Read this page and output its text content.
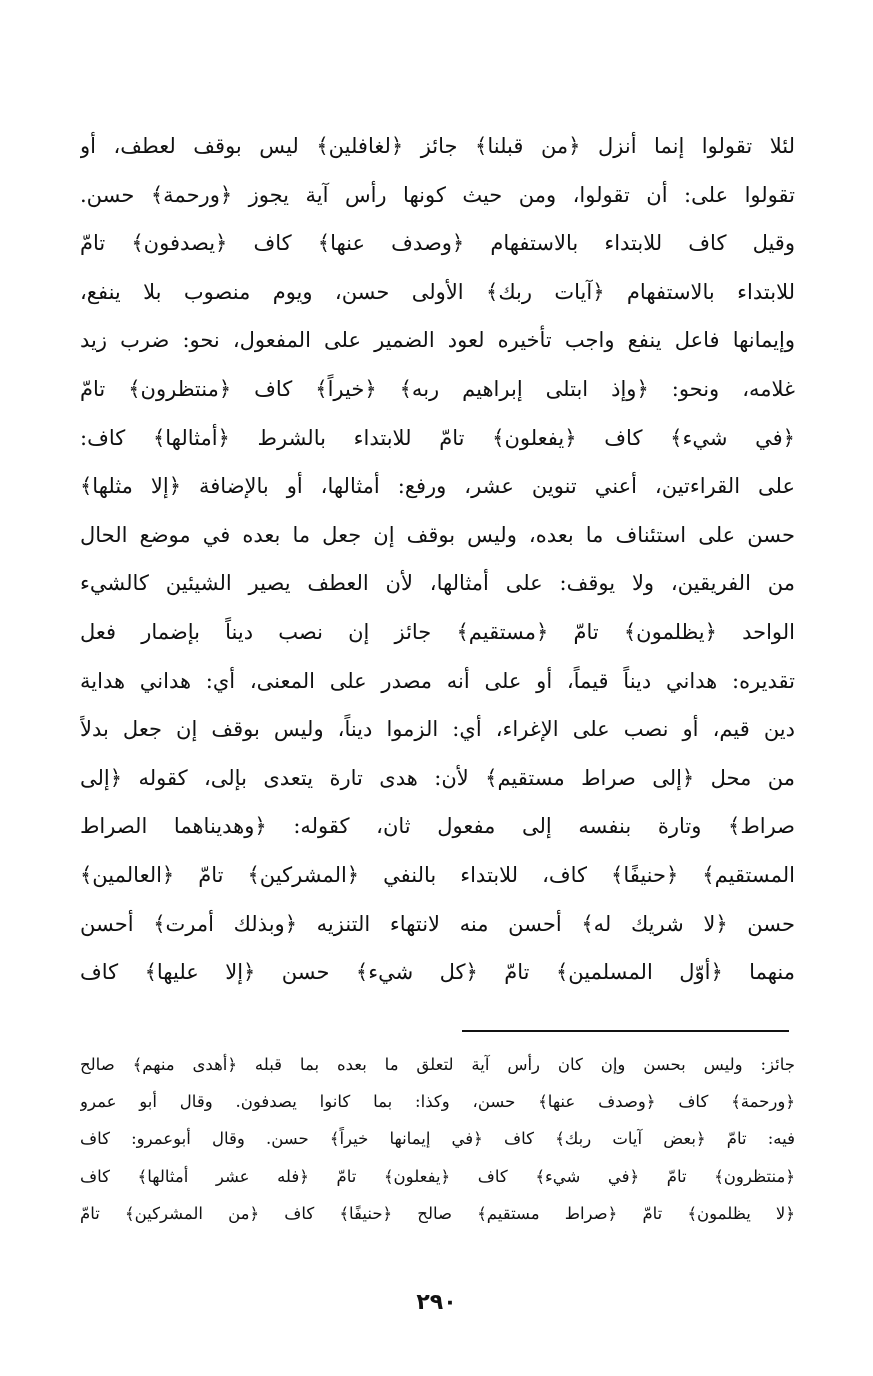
لئلا تقولوا إنما أنزل ﴿من قبلنا﴾ جائز ﴿لغافلين﴾ ليس بوقف لعطف، أو
تقولوا على: أن تقولوا، ومن حيث كونها رأس آية يجوز ﴿ورحمة﴾ حسن.
وقيل كاف للابتداء بالاستفهام ﴿وصدف عنها﴾ كاف ﴿يصدفون﴾ تامّ
للابتداء بالاستفهام ﴿آيات ربك﴾ الأولى حسن، ويوم منصوب بلا ينفع،
وإيمانها فاعل ينفع واجب تأخيره لعود الضمير على المفعول، نحو: ضرب زيد
غلامه، ونحو: ﴿وإذ ابتلى إبراهيم ربه﴾ ﴿خيراً﴾ كاف ﴿منتظرون﴾ تامّ
﴿في شيء﴾ كاف ﴿يفعلون﴾ تامّ للابتداء بالشرط ﴿أمثالها﴾ كاف:
على القراءتين، أعني تنوين عشر، ورفع: أمثالها، أو بالإضافة ﴿إلا مثلها﴾
حسن على استئناف ما بعده، وليس بوقف إن جعل ما بعده في موضع الحال
من الفريقين، ولا يوقف: على أمثالها، لأن العطف يصير الشيئين كالشيء
الواحد ﴿يظلمون﴾ تامّ ﴿مستقيم﴾ جائز إن نصب ديناً بإضمار فعل
تقديره: هداني ديناً قيماً، أو على أنه مصدر على المعنى، أي: هداني هداية
دين قيم، أو نصب على الإغراء، أي: الزموا ديناً، وليس بوقف إن جعل بدلاً
من محل ﴿إلى صراط مستقيم﴾ لأن: هدى تارة يتعدى بإلى، كقوله ﴿إلى
صراط﴾ وتارة بنفسه إلى مفعول ثان، كقوله: ﴿وهديناهما الصراط
المستقيم﴾ ﴿حنيفًا﴾ كاف، للابتداء بالنفي ﴿المشركين﴾ تامّ ﴿العالمين﴾
حسن ﴿لا شريك له﴾ أحسن منه لانتهاء التنزيه ﴿وبذلك أمرت﴾ أحسن
منهما ﴿أوّل المسلمين﴾ تامّ ﴿كل شيء﴾ حسن ﴿إلا عليها﴾ كاف
جائز: وليس بحسن وإن كان رأس آية لتعلق ما بعده بما قبله ﴿أهدى منهم﴾ صالح
﴿ورحمة﴾ كاف ﴿وصدف عنها﴾ حسن، وكذا: بما كانوا يصدفون. وقال أبو عمرو
فيه: تامّ ﴿بعض آيات ربك﴾ كاف ﴿في إيمانها خيراً﴾ حسن. وقال أبوعمرو: كاف
﴿منتظرون﴾ تامّ ﴿في شيء﴾ كاف ﴿يفعلون﴾ تامّ ﴿فله عشر أمثالها﴾ كاف
﴿لا يظلمون﴾ تامّ ﴿صراط مستقيم﴾ صالح ﴿حنيفًا﴾ كاف ﴿من المشركين﴾ تامّ
٢٩٠
